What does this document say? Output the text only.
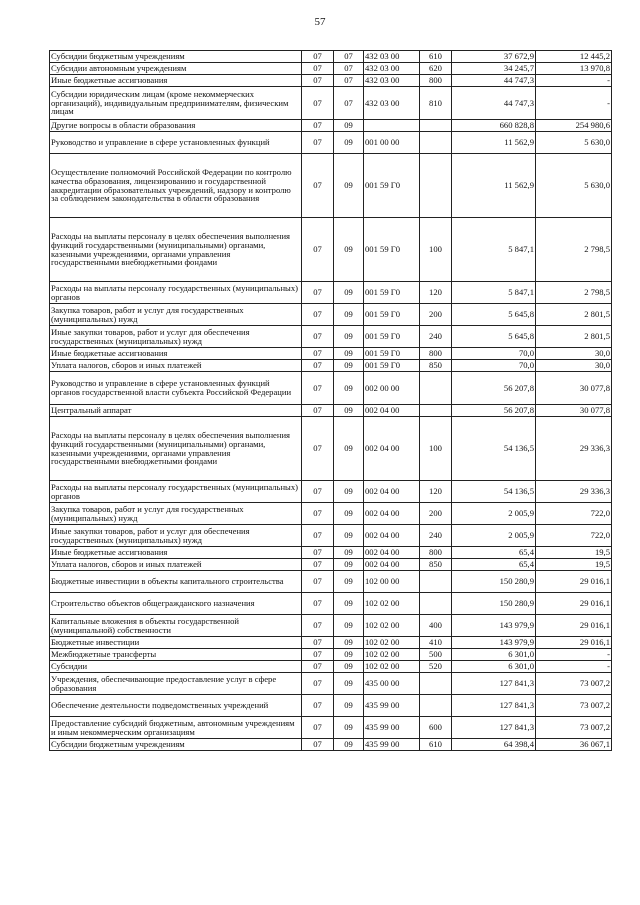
57
Субсидии бюджетным учреждениям	07	07	432 03 00	610	37 672,9	12 445,2
Субсидии автономным учреждениям	07	07	432 03 00	620	34 245,7	13 970,8
Иные бюджетные ассигнования	07	07	432 03 00	800	44 747,3	-
Субсидии юридическим лицам (кроме некоммерческих организаций), индивидуальным предпринимателям, физическим лицам	07	07	432 03 00	810	44 747,3	-
Другие вопросы в области образования	07	09			660 828,8	254 980,6
Руководство и управление в сфере установленных функций	07	09	001 00 00		11 562,9	5 630,0
Осуществление полномочий Российской Федерации по контролю качества образования, лицензированию и государственной аккредитации образовательных учреждений, надзору и контролю за соблюдением законодательства в области образования	07	09	001 59 Г0		11 562,9	5 630,0
Расходы на выплаты персоналу в целях обеспечения выполнения функций государственными (муниципальными) органами, казенными учреждениями, органами управления государственными внебюджетными фондами	07	09	001 59 Г0	100	5 847,1	2 798,5
Расходы на выплаты персоналу государственных (муниципальных) органов	07	09	001 59 Г0	120	5 847,1	2 798,5
Закупка товаров, работ и услуг для государственных (муниципальных) нужд	07	09	001 59 Г0	200	5 645,8	2 801,5
Иные закупки товаров, работ и услуг для обеспечения государственных (муниципальных) нужд	07	09	001 59 Г0	240	5 645,8	2 801,5
Иные бюджетные ассигнования	07	09	001 59 Г0	800	70,0	30,0
Уплата налогов, сборов и иных платежей	07	09	001 59 Г0	850	70,0	30,0
Руководство и управление в сфере установленных функций органов государственной власти субъекта Российской Федерации	07	09	002 00 00		56 207,8	30 077,8
Центральный аппарат	07	09	002 04 00		56 207,8	30 077,8
Расходы на выплаты персоналу в целях обеспечения выполнения функций государственными (муниципальными) органами, казенными учреждениями, органами управления государственными внебюджетными фондами	07	09	002 04 00	100	54 136,5	29 336,3
Расходы на выплаты персоналу государственных (муниципальных) органов	07	09	002 04 00	120	54 136,5	29 336,3
Закупка товаров, работ и услуг для государственных (муниципальных) нужд	07	09	002 04 00	200	2 005,9	722,0
Иные закупки товаров, работ и услуг для обеспечения государственных (муниципальных) нужд	07	09	002 04 00	240	2 005,9	722,0
Иные бюджетные ассигнования	07	09	002 04 00	800	65,4	19,5
Уплата налогов, сборов и иных платежей	07	09	002 04 00	850	65,4	19,5
Бюджетные инвестиции в объекты капитального строительства	07	09	102 00 00		150 280,9	29 016,1
Строительство объектов общегражданского назначения	07	09	102 02 00		150 280,9	29 016,1
Капитальные вложения в объекты государственной (муниципальной) собственности	07	09	102 02 00	400	143 979,9	29 016,1
Бюджетные инвестиции	07	09	102 02 00	410	143 979,9	29 016,1
Межбюджетные трансферты	07	09	102 02 00	500	6 301,0	-
Субсидии	07	09	102 02 00	520	6 301,0	-
Учреждения, обеспечивающие предоставление услуг в сфере образования	07	09	435 00 00		127 841,3	73 007,2
Обеспечение деятельности подведомственных учреждений	07	09	435 99 00		127 841,3	73 007,2
Предоставление субсидий бюджетным, автономным учреждениям и иным некоммерческим организациям	07	09	435 99 00	600	127 841,3	73 007,2
Субсидии бюджетным учреждениям	07	09	435 99 00	610	64 398,4	36 067,1
